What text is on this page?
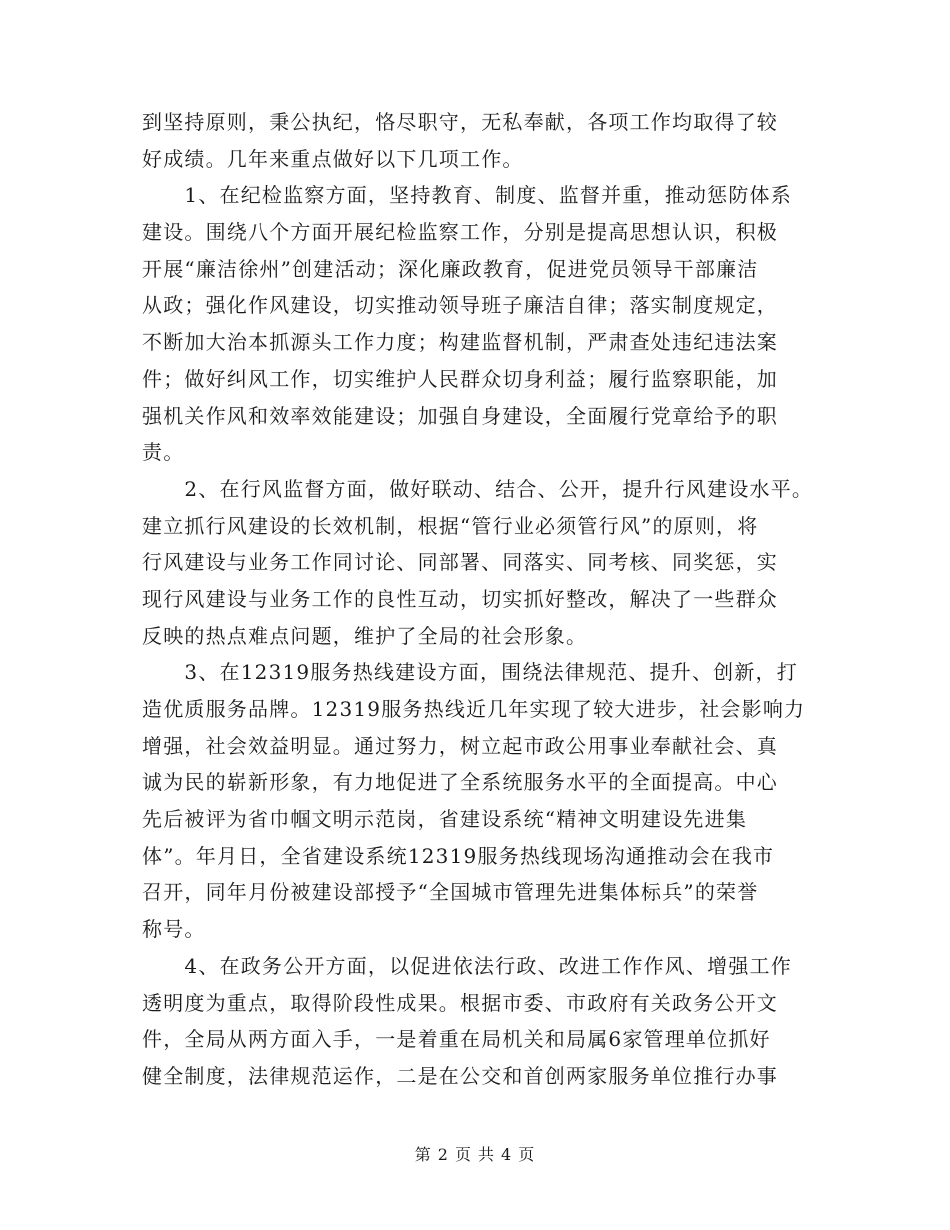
到坚持原则，秉公执纪，恪尽职守，无私奉献，各项工作均取得了较
好成绩。几年来重点做好以下几项工作。
　　1、在纪检监察方面，坚持教育、制度、监督并重，推动惩防体系
建设。围绕八个方面开展纪检监察工作，分别是提高思想认识，积极
开展“廉洁徐州”创建活动；深化廉政教育，促进党员领导干部廉洁
从政；强化作风建设，切实推动领导班子廉洁自律；落实制度规定，
不断加大治本抓源头工作力度；构建监督机制，严肃查处违纪违法案
件；做好纠风工作，切实维护人民群众切身利益；履行监察职能，加
强机关作风和效率效能建设；加强自身建设，全面履行党章给予的职
责。
　　2、在行风监督方面，做好联动、结合、公开，提升行风建设水平。
建立抓行风建设的长效机制，根据“管行业必须管行风”的原则，将
行风建设与业务工作同讨论、同部署、同落实、同考核、同奖惩，实
现行风建设与业务工作的良性互动，切实抓好整改，解决了一些群众
反映的热点难点问题，维护了全局的社会形象。
　　3、在12319服务热线建设方面，围绕法律规范、提升、创新，打
造优质服务品牌。12319服务热线近几年实现了较大进步，社会影响力
增强，社会效益明显。通过努力，树立起市政公用事业奉献社会、真
诚为民的崭新形象，有力地促进了全系统服务水平的全面提高。中心
先后被评为省巾帼文明示范岗，省建设系统“精神文明建设先进集
体”。年月日，全省建设系统12319服务热线现场沟通推动会在我市
召开，同年月份被建设部授予“全国城市管理先进集体标兵”的荣誉
称号。
　　4、在政务公开方面，以促进依法行政、改进工作作风、增强工作
透明度为重点，取得阶段性成果。根据市委、市政府有关政务公开文
件，全局从两方面入手，一是着重在局机关和局属6家管理单位抓好
健全制度，法律规范运作，二是在公交和首创两家服务单位推行办事
第 2 页 共 4 页
